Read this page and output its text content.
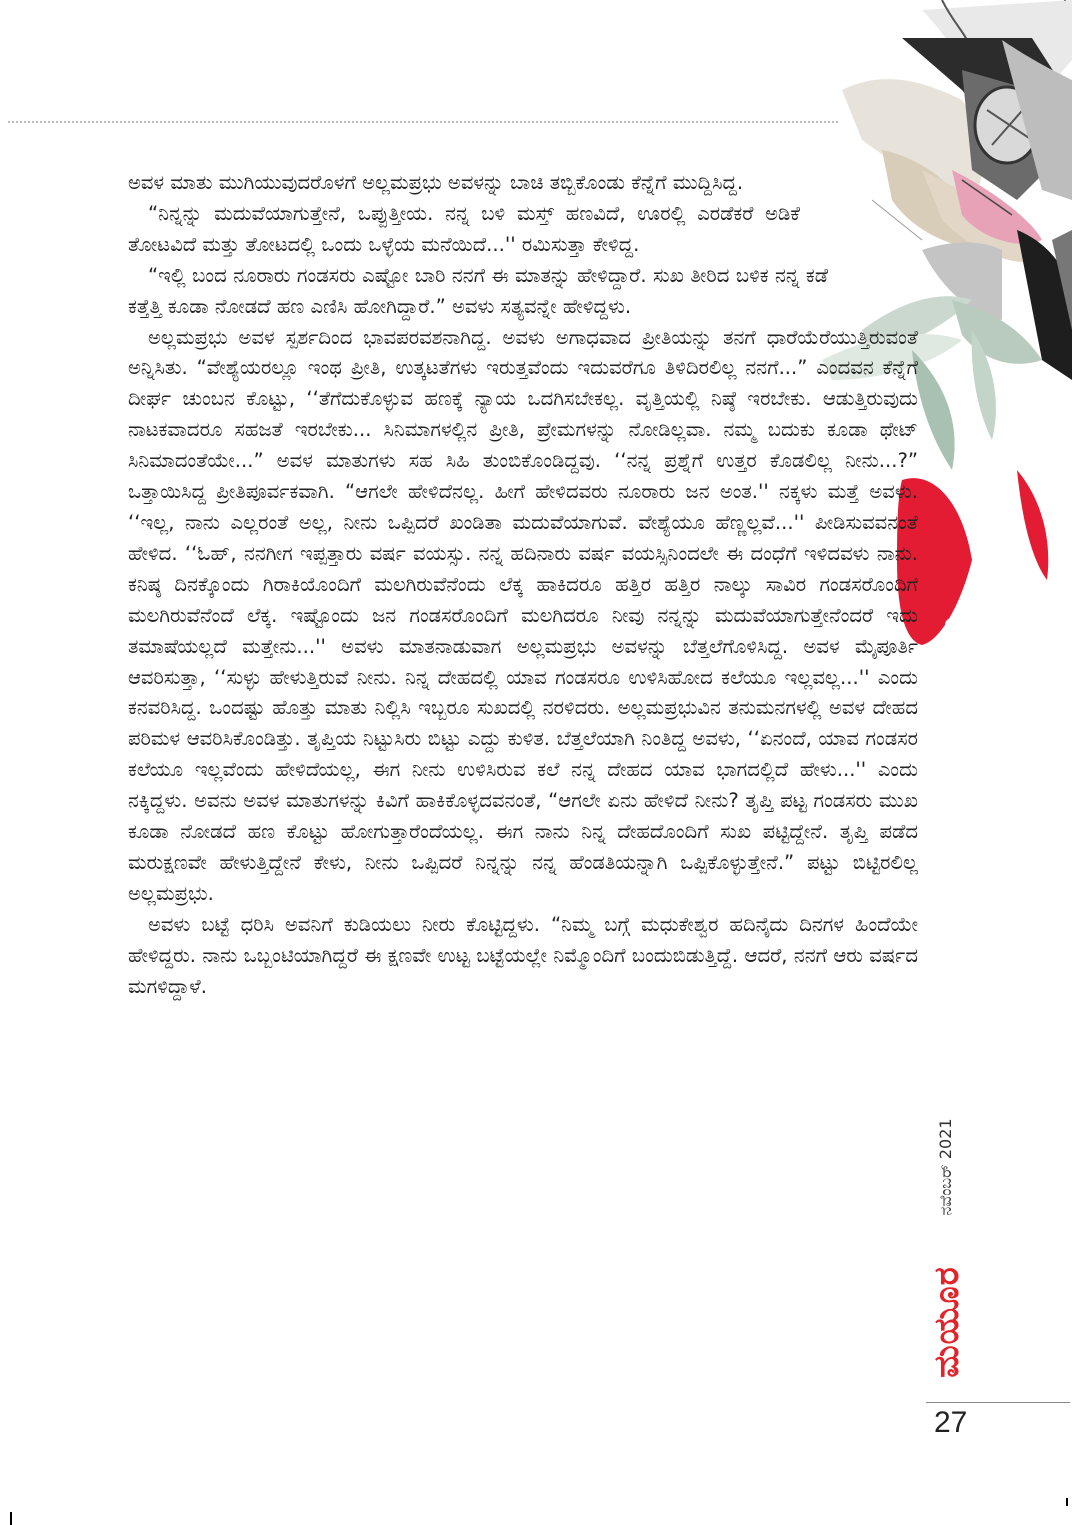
ಅವಳ ಮಾತು ಮುಗಿಯುವುದರೊಳಗೆ ಅಲ್ಲಮಪ್ರಭು ಅವಳನ್ನು ಬಾಚಿ ತಬ್ಬಿಕೊಂಡು ಕೆನ್ನೆಗೆ ಮುದ್ದಿಸಿದ್ದ.

“ನಿನ್ನನ್ನು ಮದುವೆಯಾಗುತ್ತೇನೆ, ಒಪ್ಪುತ್ತೀಯ. ನನ್ನ ಬಳಿ ಮಸ್ತ್ ಹಣವಿದೆ, ಊರಲ್ಲಿ ಎರಡೆಕರೆ ಅಡಿಕೆ ತೋಟವಿದೆ ಮತ್ತು ತೋಟದಲ್ಲಿ ಒಂದು ಒಳ್ಳೆಯ ಮನೆಯಿದೆ...'' ರಮಿಸುತ್ತಾ ಕೇಳಿದ್ದ.

“ಇಲ್ಲಿ ಬಂದ ನೂರಾರು ಗಂಡಸರು ಎಷ್ಟೋ ಬಾರಿ ನನಗೆ ಈ ಮಾತನ್ನು ಹೇಳಿದ್ದಾರೆ. ಸುಖ ತೀರಿದ ಬಳಿಕ ನನ್ನ ಕಡೆ ಕತ್ತೆತ್ತಿ ಕೂಡಾ ನೋಡದೆ ಹಣ ಎಣಿಸಿ ಹೋಗಿದ್ದಾರೆ.” ಅವಳು ಸತ್ಯವನ್ನೇ ಹೇಳಿದ್ದಳು.

ಅಲ್ಲಮಪ್ರಭು ಅವಳ ಸ್ಪರ್ಶದಿಂದ ಭಾವಪರವಶನಾಗಿದ್ದ. ಅವಳು ಅಗಾಧವಾದ ಪ್ರೀತಿಯನ್ನು ತನಗೆ ಧಾರೆಯೆರೆಯುತ್ತಿರುವಂತೆ ಅನ್ನಿಸಿತು. “ವೇಶ್ಯೆಯರಲ್ಲೂ ಇಂಥ ಪ್ರೀತಿ, ಉತ್ಕಟತೆಗಳು ಇರುತ್ತವೆಂದು ಇದುವರೆಗೂ ತಿಳಿದಿರಲಿಲ್ಲ ನನಗೆ...” ಎಂದವನ ಕೆನ್ನೆಗೆ ದೀರ್ಘ ಚುಂಬನ ಕೊಟ್ಟು, ‘‘ತೆಗೆದುಕೊಳ್ಳುವ ಹಣಕ್ಕೆ ನ್ಯಾಯ ಒದಗಿಸಬೇಕಲ್ಲ. ವೃತ್ತಿಯಲ್ಲಿ ನಿಷ್ಠೆ ಇರಬೇಕು. ಆಡುತ್ತಿರುವುದು ನಾಟಕವಾದರೂ ಸಹಜತೆ ಇರಬೇಕು... ಸಿನಿಮಾಗಳಲ್ಲಿನ ಪ್ರೀತಿ, ಪ್ರೇಮಗಳನ್ನು ನೋಡಿಲ್ಲವಾ. ನಮ್ಮ ಬದುಕು ಕೂಡಾ ಥೇಟ್ ಸಿನಿಮಾದಂತೆಯೇ...” ಅವಳ ಮಾತುಗಳು ಸಹ ಸಿಹಿ ತುಂಬಿಕೊಂಡಿದ್ದವು. ‘‘ನನ್ನ ಪ್ರಶ್ನೆಗೆ ಉತ್ತರ ಕೊಡಲಿಲ್ಲ ನೀನು...?” ಒತ್ತಾಯಿಸಿದ್ದ ಪ್ರೀತಿಪೂರ್ವಕವಾಗಿ. “ಆಗಲೇ ಹೇಳಿದೆನಲ್ಲ. ಹೀಗೆ ಹೇಳಿದವರು ನೂರಾರು ಜನ ಅಂತ.'' ನಕ್ಕಳು ಮತ್ತೆ ಅವಳು. ‘‘ಇಲ್ಲ, ನಾನು ಎಲ್ಲರಂತೆ ಅಲ್ಲ, ನೀನು ಒಪ್ಪಿದರೆ ಖಂಡಿತಾ ಮದುವೆಯಾಗುವೆ. ವೇಶ್ಯೆಯೂ ಹೆಣ್ಣಲ್ಲವೆ...'' ಪೀಡಿಸುವವನಂತೆ ಹೇಳಿದ. ‘‘ಓಹ್, ನನಗೀಗ ಇಪ್ಪತ್ತಾರು ವರ್ಷ ವಯಸ್ಸು. ನನ್ನ ಹದಿನಾರು ವರ್ಷ ವಯಸ್ಸಿನಿಂದಲೇ ಈ ದಂಧೆಗೆ ಇಳಿದವಳು ನಾನು. ಕನಿಷ್ಠ ದಿನಕ್ಕೊಂದು ಗಿರಾಕಿಯೊಂದಿಗೆ ಮಲಗಿರುವೆನೆಂದು ಲೆಕ್ಕ ಹಾಕಿದರೂ ಹತ್ತಿರ ಹತ್ತಿರ ನಾಲ್ಕು ಸಾವಿರ ಗಂಡಸರೊಂದಿಗೆ ಮಲಗಿರುವೆನೆಂದೆ ಲೆಕ್ಕ. ಇಷ್ಟೊಂದು ಜನ ಗಂಡಸರೊಂದಿಗೆ ಮಲಗಿದರೂ ನೀವು ನನ್ನನ್ನು ಮದುವೆಯಾಗುತ್ತೇನೆಂದರೆ ಇದು ತಮಾಷೆಯಲ್ಲದೆ ಮತ್ತೇನು...'' ಅವಳು ಮಾತನಾಡುವಾಗ ಅಲ್ಲಮಪ್ರಭು ಅವಳನ್ನು ಬೆತ್ತಲೆಗೊಳಿಸಿದ್ದ. ಅವಳ ಮೈಪೂರ್ತಿ ಆವರಿಸುತ್ತಾ, ‘‘ಸುಳ್ಳು ಹೇಳುತ್ತಿರುವೆ ನೀನು. ನಿನ್ನ ದೇಹದಲ್ಲಿ ಯಾವ ಗಂಡಸರೂ ಉಳಿಸಿಹೋದ ಕಲೆಯೂ ಇಲ್ಲವಲ್ಲ...'' ಎಂದು ಕನವರಿಸಿದ್ದ. ಒಂದಷ್ಟು ಹೊತ್ತು ಮಾತು ನಿಲ್ಲಿಸಿ ಇಬ್ಬರೂ ಸುಖದಲ್ಲಿ ನರಳಿದರು. ಅಲ್ಲಮಪ್ರಭುವಿನ ತನುಮನಗಳಲ್ಲಿ ಅವಳ ದೇಹದ ಪರಿಮಳ ಆವರಿಸಿಕೊಂಡಿತ್ತು. ತೃಪ್ತಿಯ ನಿಟ್ಟುಸಿರು ಬಿಟ್ಟು ಎದ್ದು ಕುಳಿತ. ಬೆತ್ತಲೆಯಾಗಿ ನಿಂತಿದ್ದ ಅವಳು, ‘‘ಏನಂದೆ, ಯಾವ ಗಂಡಸರ ಕಲೆಯೂ ಇಲ್ಲವೆಂದು ಹೇಳಿದೆಯಲ್ಲ, ಈಗ ನೀನು ಉಳಿಸಿರುವ ಕಲೆ ನನ್ನ ದೇಹದ ಯಾವ ಭಾಗದಲ್ಲಿದೆ ಹೇಳು...'' ಎಂದು ನಕ್ಕಿದ್ದಳು. ಅವನು ಅವಳ ಮಾತುಗಳನ್ನು ಕಿವಿಗೆ ಹಾಕಿಕೊಳ್ಳದವನಂತೆ, “ಆಗಲೇ ಏನು ಹೇಳಿದೆ ನೀನು? ತೃಪ್ತಿ ಪಟ್ಟ ಗಂಡಸರು ಮುಖ ಕೂಡಾ ನೋಡದೆ ಹಣ ಕೊಟ್ಟು ಹೋಗುತ್ತಾರೆಂದೆಯಲ್ಲ. ಈಗ ನಾನು ನಿನ್ನ ದೇಹದೊಂದಿಗೆ ಸುಖ ಪಟ್ಟಿದ್ದೇನೆ. ತೃಪ್ತಿ ಪಡೆದ ಮರುಕ್ಷಣವೇ ಹೇಳುತ್ತಿದ್ದೇನೆ ಕೇಳು, ನೀನು ಒಪ್ಪಿದರೆ ನಿನ್ನನ್ನು ನನ್ನ ಹೆಂಡತಿಯನ್ನಾಗಿ ಒಪ್ಪಿಕೊಳ್ಳುತ್ತೇನೆ.” ಪಟ್ಟು ಬಿಟ್ಟಿರಲಿಲ್ಲ ಅಲ್ಲಮಪ್ರಭು.

ಅವಳು ಬಟ್ಟೆ ಧರಿಸಿ ಅವನಿಗೆ ಕುಡಿಯಲು ನೀರು ಕೊಟ್ಟಿದ್ದಳು. “ನಿಮ್ಮ ಬಗ್ಗೆ ಮಧುಕೇಶ್ವರ ಹದಿನೈದು ದಿನಗಳ ಹಿಂದೆಯೇ ಹೇಳಿದ್ದರು. ನಾನು ಒಬ್ಬಂಟಿಯಾಗಿದ್ದರೆ ಈ ಕ್ಷಣವೇ ಉಟ್ಟ ಬಟ್ಟೆಯಲ್ಲೇ ನಿಮ್ಮೊಂದಿಗೆ ಬಂದುಬಿಡುತ್ತಿದ್ದೆ. ಆದರೆ, ನನಗೆ ಆರು ವರ್ಷದ ಮಗಳಿದ್ದಾಳೆ.

ನವೆಂಬರ್ 2021
ಮಯೂರ
27
